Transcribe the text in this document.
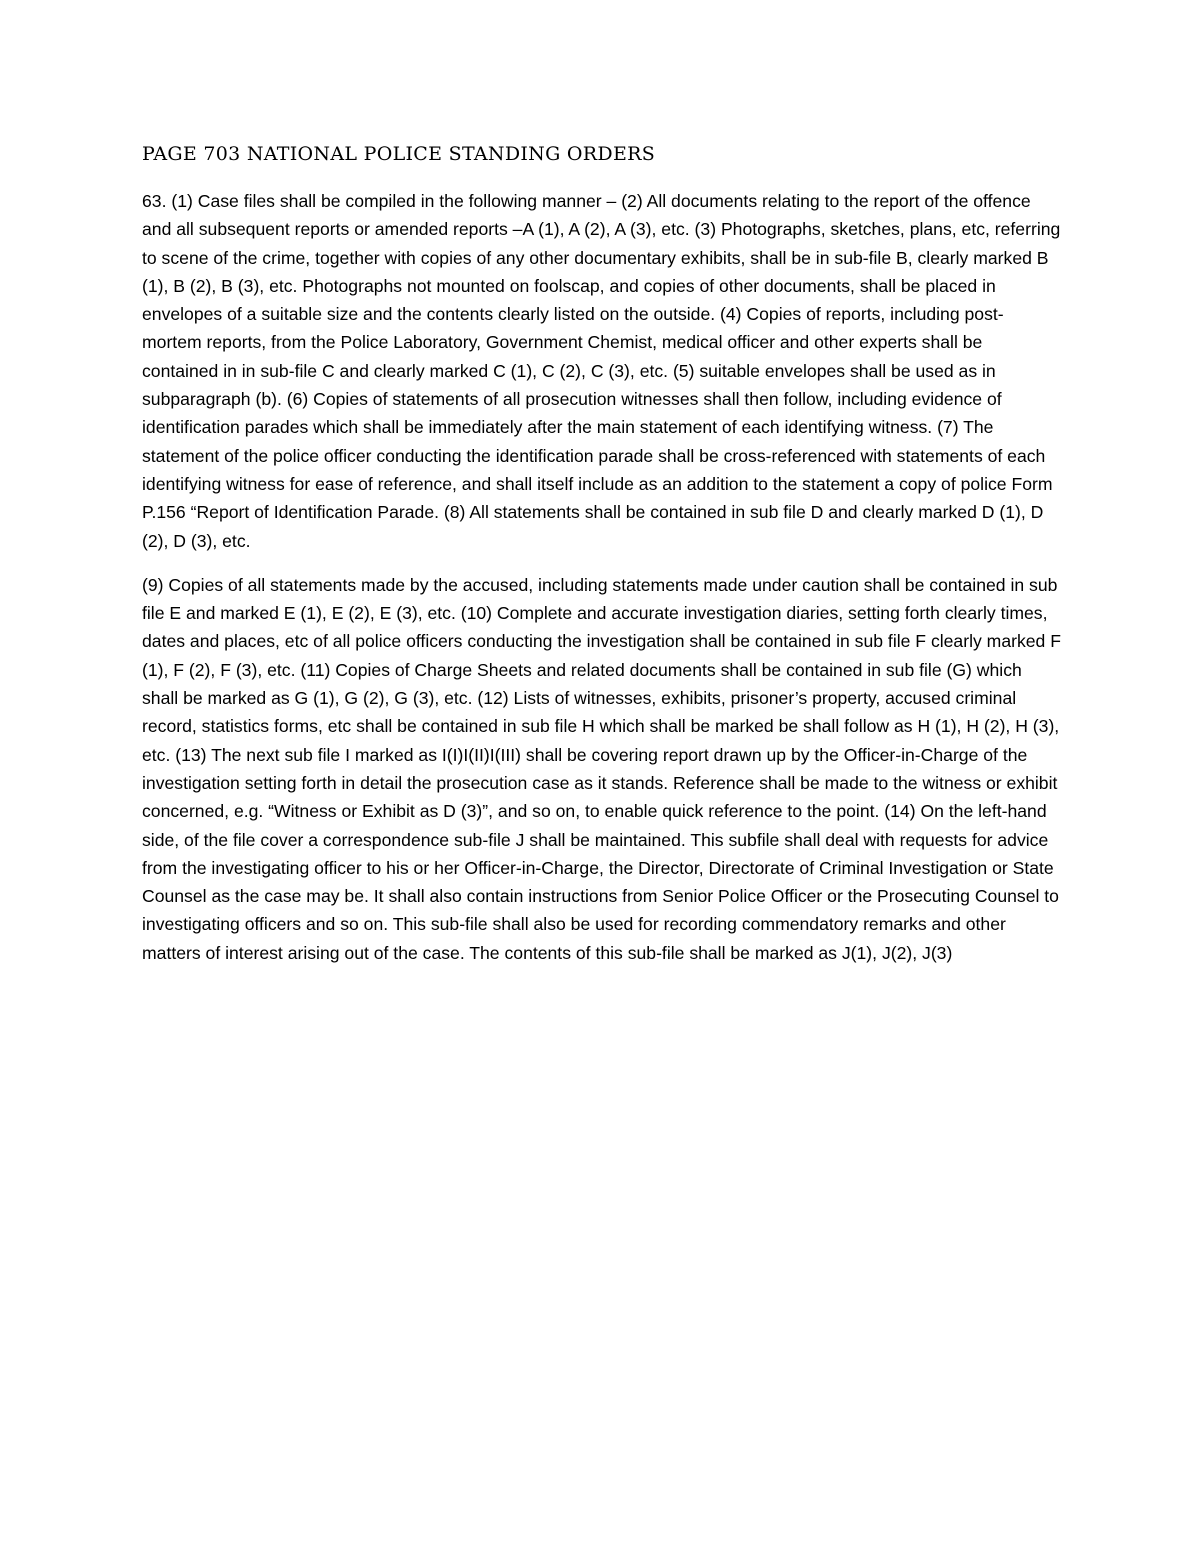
PAGE 703 NATIONAL POLICE STANDING ORDERS

63. (1) Case files shall be compiled in the following manner – (2) All documents relating to the report of the offence and all subsequent reports or amended reports –A (1), A (2), A (3), etc. (3) Photographs, sketches, plans, etc, referring to scene of the crime, together with copies of any other documentary exhibits, shall be in sub-file B, clearly marked B (1), B (2), B (3), etc. Photographs not mounted on foolscap, and copies of other documents, shall be placed in envelopes of a suitable size and the contents clearly listed on the outside. (4) Copies of reports, including post-mortem reports, from the Police Laboratory, Government Chemist, medical officer and other experts shall be contained in in sub-file C and clearly marked C (1), C (2), C (3), etc. (5) suitable envelopes shall be used as in subparagraph (b). (6) Copies of statements of all prosecution witnesses shall then follow, including evidence of identification parades which shall be immediately after the main statement of each identifying witness. (7) The statement of the police officer conducting the identification parade shall be cross-referenced with statements of each identifying witness for ease of reference, and shall itself include as an addition to the statement a copy of police Form P.156 “Report of Identification Parade. (8) All statements shall be contained in sub file D and clearly marked D (1), D (2), D (3), etc.

(9) Copies of all statements made by the accused, including statements made under caution shall be contained in sub file E and marked E (1), E (2), E (3), etc. (10) Complete and accurate investigation diaries, setting forth clearly times, dates and places, etc of all police officers conducting the investigation shall be contained in sub file F clearly marked F (1), F (2), F (3), etc. (11) Copies of Charge Sheets and related documents shall be contained in sub file (G) which shall be marked as G (1), G (2), G (3), etc. (12) Lists of witnesses, exhibits, prisoner’s property, accused criminal record, statistics forms, etc shall be contained in sub file H which shall be marked be shall follow as H (1), H (2), H (3), etc. (13) The next sub file I marked as I(I)I(II)I(III) shall be covering report drawn up by the Officer-in-Charge of the investigation setting forth in detail the prosecution case as it stands. Reference shall be made to the witness or exhibit concerned, e.g. “Witness or Exhibit as D (3)”, and so on, to enable quick reference to the point. (14) On the left-hand side, of the file cover a correspondence sub-file J shall be maintained. This subfile shall deal with requests for advice from the investigating officer to his or her Officer-in-Charge, the Director, Directorate of Criminal Investigation or State Counsel as the case may be. It shall also contain instructions from Senior Police Officer or the Prosecuting Counsel to investigating officers and so on. This sub-file shall also be used for recording commendatory remarks and other matters of interest arising out of the case. The contents of this sub-file shall be marked as J(1), J(2), J(3)
